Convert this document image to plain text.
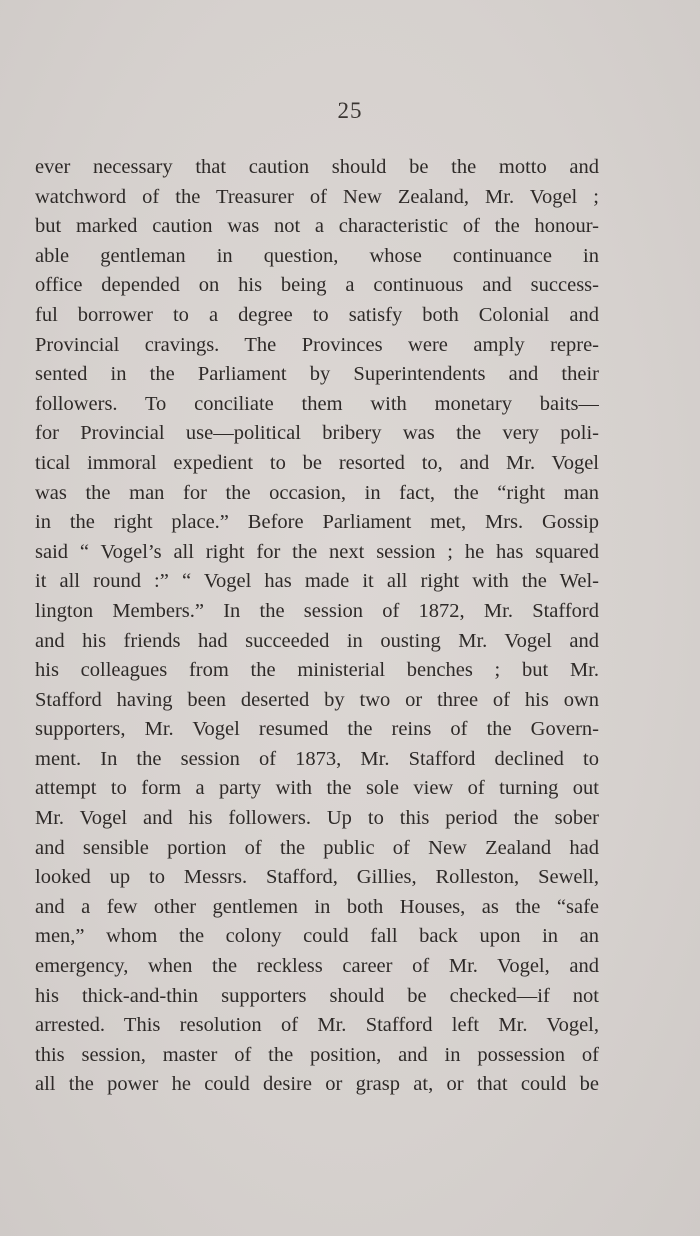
25
ever necessary that caution should be the motto and
watchword of the Treasurer of New Zealand, Mr. Vogel ;
but marked caution was not a characteristic of the honour-
able gentleman in question, whose continuance in
office depended on his being a continuous and success-
ful borrower to a degree to satisfy both Colonial and
Provincial cravings. The Provinces were amply repre-
sented in the Parliament by Superintendents and their
followers. To conciliate them with monetary baits—
for Provincial use—political bribery was the very poli-
tical immoral expedient to be resorted to, and Mr. Vogel
was the man for the occasion, in fact, the “right man
in the right place.” Before Parliament met, Mrs. Gossip
said “ Vogel’s all right for the next session ; he has squared
it all round :” “ Vogel has made it all right with the Wel-
lington Members.” In the session of 1872, Mr. Stafford
and his friends had succeeded in ousting Mr. Vogel and
his colleagues from the ministerial benches ; but Mr.
Stafford having been deserted by two or three of his own
supporters, Mr. Vogel resumed the reins of the Govern-
ment. In the session of 1873, Mr. Stafford declined to
attempt to form a party with the sole view of turning out
Mr. Vogel and his followers. Up to this period the sober
and sensible portion of the public of New Zealand had
looked up to Messrs. Stafford, Gillies, Rolleston, Sewell,
and a few other gentlemen in both Houses, as the “safe
men,” whom the colony could fall back upon in an
emergency, when the reckless career of Mr. Vogel, and
his thick-and-thin supporters should be checked—if not
arrested. This resolution of Mr. Stafford left Mr. Vogel,
this session, master of the position, and in possession of
all the power he could desire or grasp at, or that could be
